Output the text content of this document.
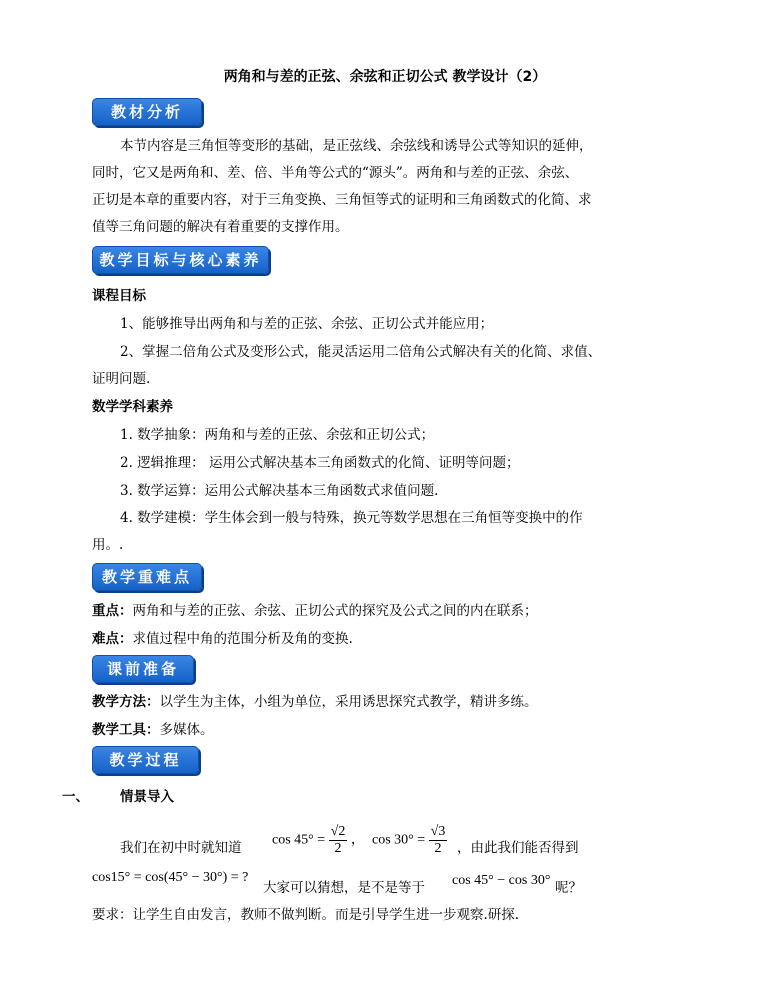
两角和与差的正弦、余弦和正切公式 教学设计（2）
教材分析
本节内容是三角恒等变形的基础，是正弦线、余弦线和诱导公式等知识的延伸，
同时，它又是两角和、差、倍、半角等公式的“源头”。两角和与差的正弦、余弦、
正切是本章的重要内容，对于三角变换、三角恒等式的证明和三角函数式的化简、求
值等三角问题的解决有着重要的支撑作用。
教学目标与核心素养
课程目标
1、能够推导出两角和与差的正弦、余弦、正切公式并能应用；
2、掌握二倍角公式及变形公式，能灵活运用二倍角公式解决有关的化简、求值、
证明问题.
数学学科素养
1. 数学抽象：两角和与差的正弦、余弦和正切公式；
2. 逻辑推理： 运用公式解决基本三角函数式的化简、证明等问题；
3. 数学运算：运用公式解决基本三角函数式求值问题.
4. 数学建模：学生体会到一般与特殊，换元等数学思想在三角恒等变换中的作
用。.
教学重难点
重点：两角和与差的正弦、余弦、正切公式的探究及公式之间的内在联系；
难点：求值过程中角的范围分析及角的变换.
课前准备
教学方法：以学生为主体，小组为单位，采用诱思探究式教学，精讲多练。
教学工具：多媒体。
教学过程
一、 情景导入
我们在初中时就知道 $\cos 45^\circ = \frac{√2}{2}$ ， $\cos 30^\circ = \frac{√3}{2}$ ，由此我们能否得到
cos15° = cos(45° − 30°) = ?
大家可以猜想，是不是等于 cos 45° − cos 30° 呢？
要求：让学生自由发言，教师不做判断。而是引导学生进一步观察.研探.
